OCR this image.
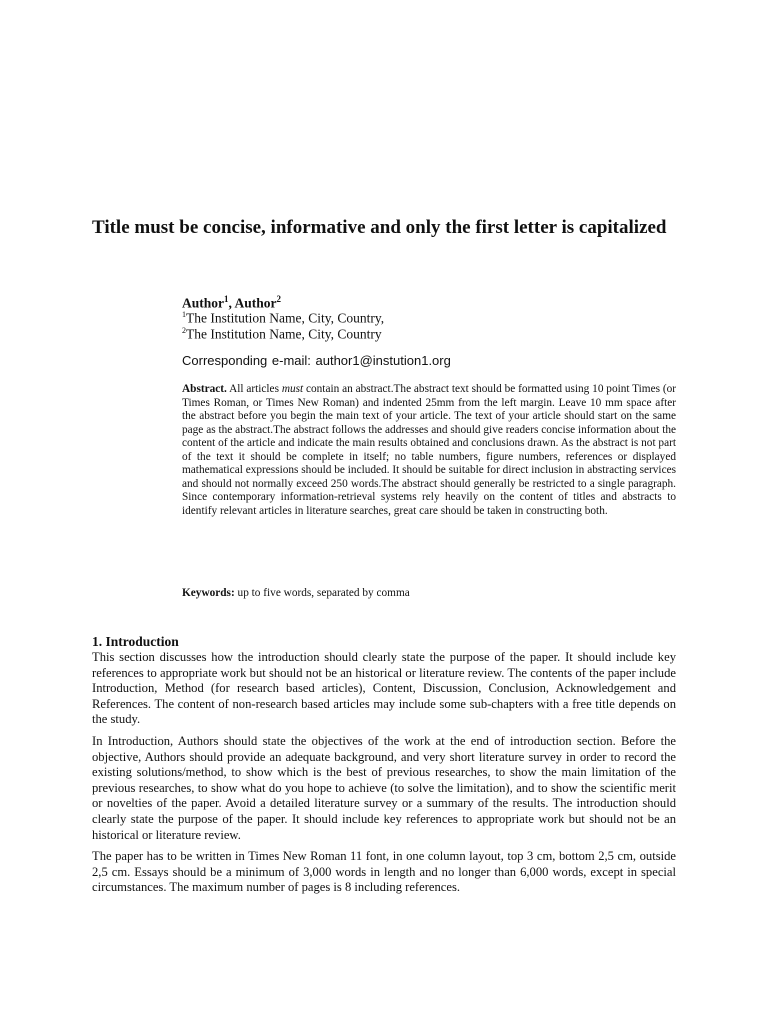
Title must be concise, informative and only the first letter is capitalized
Author$^1$, Author$^2$
$^1$The Institution Name, City, Country,
$^2$The Institution Name, City, Country
Corresponding e-mail: author1@instution1.org

Abstract. All articles must contain an abstract.The abstract text should be formatted using 10 point Times (or Times Roman, or Times New Roman) and indented 25mm from the left margin. Leave 10 mm space after the abstract before you begin the main text of your article. The text of your article should start on the same page as the abstract.The abstract follows the addresses and should give readers concise information about the content of the article and indicate the main results obtained and conclusions drawn. As the abstract is not part of the text it should be complete in itself; no table numbers, figure numbers, references or displayed mathematical expressions should be included. It should be suitable for direct inclusion in abstracting services and should not normally exceed 250 words.The abstract should generally be restricted to a single paragraph. Since contemporary information-retrieval systems rely heavily on the content of titles and abstracts to identify relevant articles in literature searches, great care should be taken in constructing both.

Keywords: up to five words, separated by comma
1. Introduction

This section discusses how the introduction should clearly state the purpose of the paper. It should include key references to appropriate work but should not be an historical or literature review. The contents of the paper include Introduction, Method (for research based articles), Content, Discussion, Conclusion, Acknowledgement and References. The content of non-research based articles may include some sub-chapters with a free title depends on the study.

In Introduction, Authors should state the objectives of the work at the end of introduction section. Before the objective, Authors should provide an adequate background, and very short literature survey in order to record the existing solutions/method, to show which is the best of previous researches, to show the main limitation of the previous researches, to show what do you hope to achieve (to solve the limitation), and to show the scientific merit or novelties of the paper. Avoid a detailed literature survey or a summary of the results. The introduction should clearly state the purpose of the paper. It should include key references to appropriate work but should not be an historical or literature review.

The paper has to be written in Times New Roman 11 font, in one column layout, top 3 cm, bottom 2,5 cm, outside 2,5 cm. Essays should be a minimum of 3,000 words in length and no longer than 6,000 words, except in special circumstances. The maximum number of pages is 8 including references.
